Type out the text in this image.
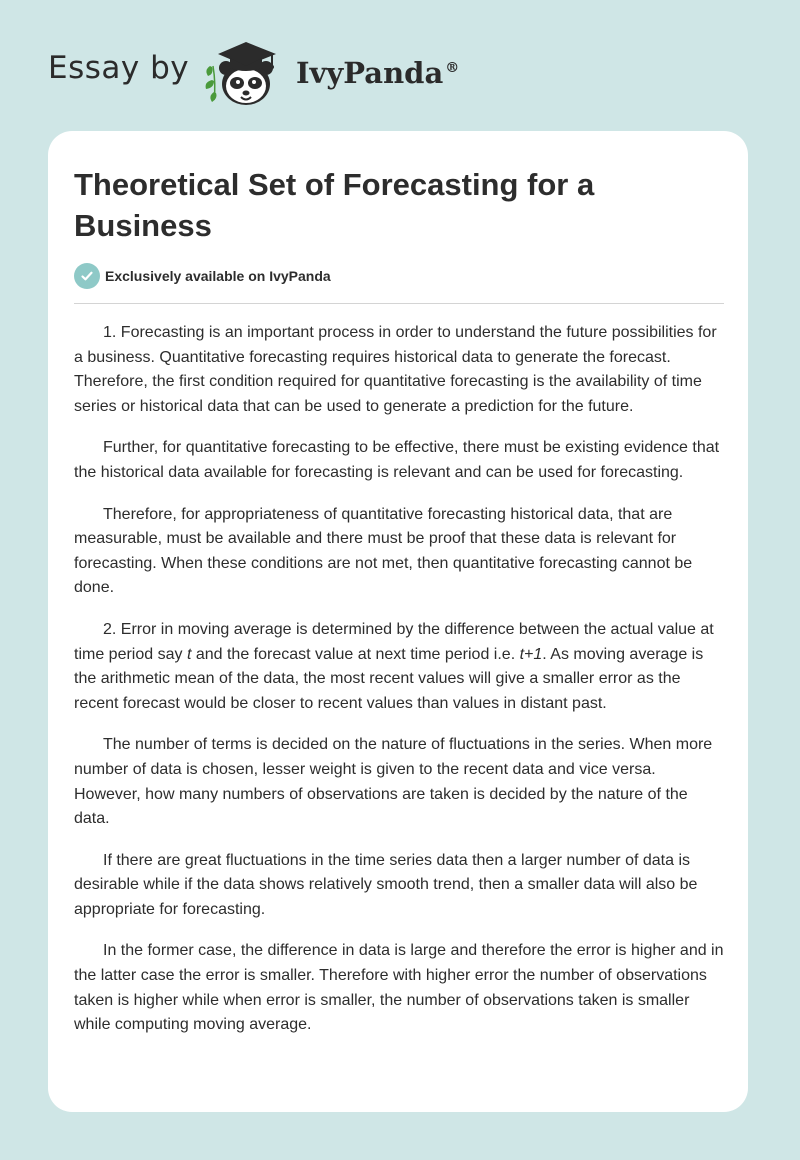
Essay by	IvyPanda ®
Theoretical Set of Forecasting for a Business
Exclusively available on IvyPanda

1. Forecasting is an important process in order to understand the future possibilities for a business. Quantitative forecasting requires historical data to generate the forecast. Therefore, the first condition required for quantitative forecasting is the availability of time series or historical data that can be used to generate a prediction for the future.

Further, for quantitative forecasting to be effective, there must be existing evidence that the historical data available for forecasting is relevant and can be used for forecasting.

Therefore, for appropriateness of quantitative forecasting historical data, that are measurable, must be available and there must be proof that these data is relevant for forecasting. When these conditions are not met, then quantitative forecasting cannot be done.

2. Error in moving average is determined by the difference between the actual value at time period say t and the forecast value at next time period i.e. t+1. As moving average is the arithmetic mean of the data, the most recent values will give a smaller error as the recent forecast would be closer to recent values than values in distant past.

The number of terms is decided on the nature of fluctuations in the series. When more number of data is chosen, lesser weight is given to the recent data and vice versa. However, how many numbers of observations are taken is decided by the nature of the data.

If there are great fluctuations in the time series data then a larger number of data is desirable while if the data shows relatively smooth trend, then a smaller data will also be appropriate for forecasting.

In the former case, the difference in data is large and therefore the error is higher and in the latter case the error is smaller. Therefore with higher error the number of observations taken is higher while when error is smaller, the number of observations taken is smaller while computing moving average.
